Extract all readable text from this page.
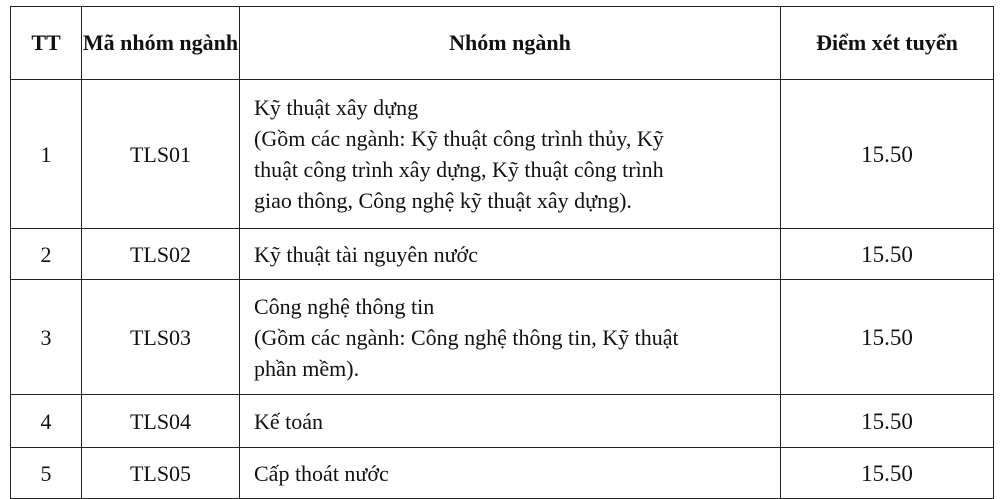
TT	Mã nhóm ngành	Nhóm ngành	Điểm xét tuyển
1	TLS01	Kỹ thuật xây dựng
(Gồm các ngành: Kỹ thuật công trình thủy, Kỹ
thuật công trình xây dựng, Kỹ thuật công trình
giao thông, Công nghệ kỹ thuật xây dựng).	15.50
2	TLS02	Kỹ thuật tài nguyên nước	15.50
3	TLS03	Công nghệ thông tin
(Gồm các ngành: Công nghệ thông tin, Kỹ thuật
phần mềm).	15.50
4	TLS04	Kế toán	15.50
5	TLS05	Cấp thoát nước	15.50
